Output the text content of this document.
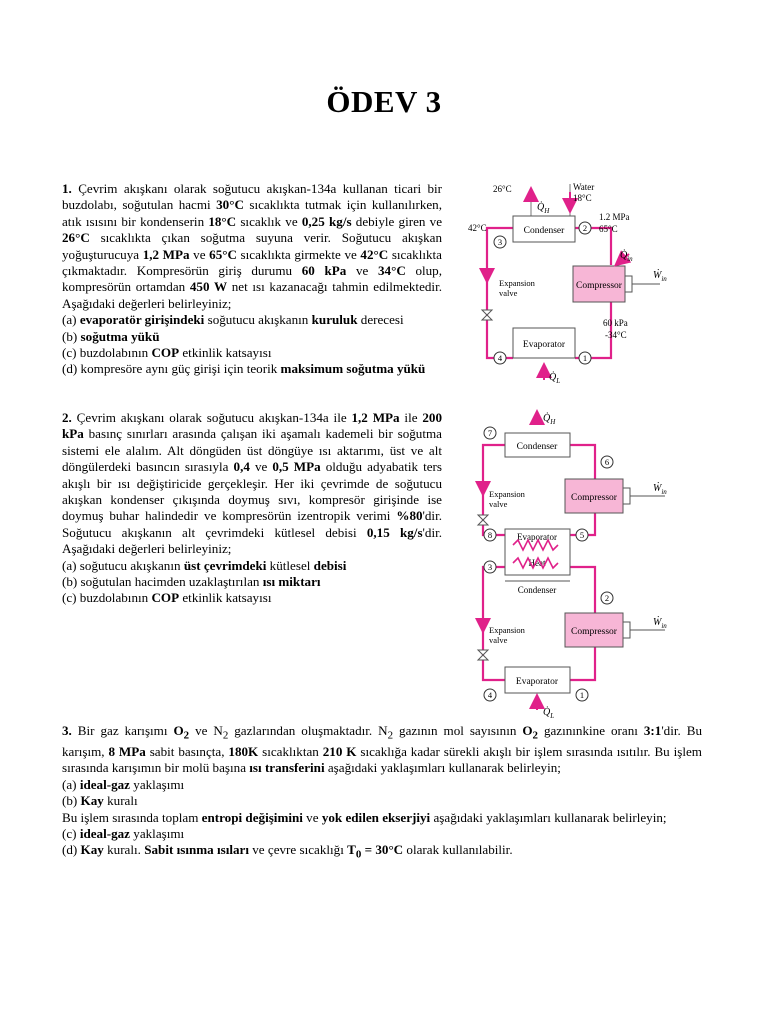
ÖDEV 3

1. Çevrim akışkanı olarak soğutucu akışkan-134a kullanan ticari bir buzdolabı, soğutulan hacmi 30°C sıcaklıkta tutmak için kullanılırken, atık ısısını bir kondenserin 18°C sıcaklık ve 0,25 kg/s debiyle giren ve 26°C sıcaklıkta çıkan soğutma suyuna verir. Soğutucu akışkan yoğuşturucuya 1,2 MPa ve 65°C sıcaklıkta girmekte ve 42°C sıcaklıkta çıkmaktadır. Kompresörün giriş durumu 60 kPa ve 34°C olup, kompresörün ortamdan 450 W net ısı kazanacağı tahmin edilmektedir. Aşağıdaki değerleri belirleyiniz;

(a) evaporatör girişindeki soğutucu akışkanın kuruluk derecesi

(b) soğutma yükü

(c) buzdolabının COP etkinlik katsayısı

(d) kompresöre aynı güç girişi için teorik maksimum soğutma yükü

2. Çevrim akışkanı olarak soğutucu akışkan-134a ile 1,2 MPa ile 200 kPa basınç sınırları arasında çalışan iki aşamalı kademeli bir soğutma sistemi ele alalım. Alt döngüden üst döngüye ısı aktarımı, üst ve alt döngülerdeki basıncın sırasıyla 0,4 ve 0,5 MPa olduğu adyabatik ters akışlı bir ısı değiştiricide gerçekleşir. Her iki çevrimde de soğutucu akışkan kondenser çıkışında doymuş sıvı, kompresör girişinde ise doymuş buhar halindedir ve kompresörün izentropik verimi %80'dir. Soğutucu akışkanın alt çevrimdeki kütlesel debisi 0,15 kg/s'dir. Aşağıdaki değerleri belirleyiniz;

(a) soğutucu akışkanın üst çevrimdeki kütlesel debisi

(b) soğutulan hacimden uzaklaştırılan ısı miktarı

(c) buzdolabının COP etkinlik katsayısı

3. Bir gaz karışımı $O_2$ ve $N_2$ gazlarından oluşmaktadır. $N_2$ gazının mol sayısının $O_2$ gazınınkine oranı 3:1'dir. Bu karışım, 8 MPa sabit basınçta, 180K sıcaklıktan 210 K sıcaklığa kadar sürekli akışlı bir işlem sırasında ısıtılır. Bu işlem sırasında karışımın bir molü başına ısı transferini aşağıdaki yaklaşımları kullanarak belirleyin;

(a) ideal-gaz yaklaşımı

(b) Kay kuralı

Bu işlem sırasında toplam entropi değişimini ve yok edilen ekserjiyi aşağıdaki yaklaşımları kullanarak belirleyin;

(c) ideal-gaz yaklaşımı

(d) Kay kuralı. Sabit ısınma ısıları ve çevre sıcaklığı $T_0 = 30^\circ C$ olarak kullanılabilir.

Condenser
Evaporator
Compressor
Expansion
valve
1
2
3
4
26°C	Water
18°C
$Q̇_H$
1.2 MPa
65°C
42°C
$Q̇_{in}$
Ẇ$_{in}$
60 kPa
-34°C
$Q̇_L$
Condenser
Compressor
Ẇ$_{in}$
Evaporator
Heat
Condenser
Compressor
Ẇ$_{in}$
Evaporator
Expansion
valve
Expansion
valve
1
2
3
4
5
6
7
8
$Q̇_H$
$Q̇_L$
